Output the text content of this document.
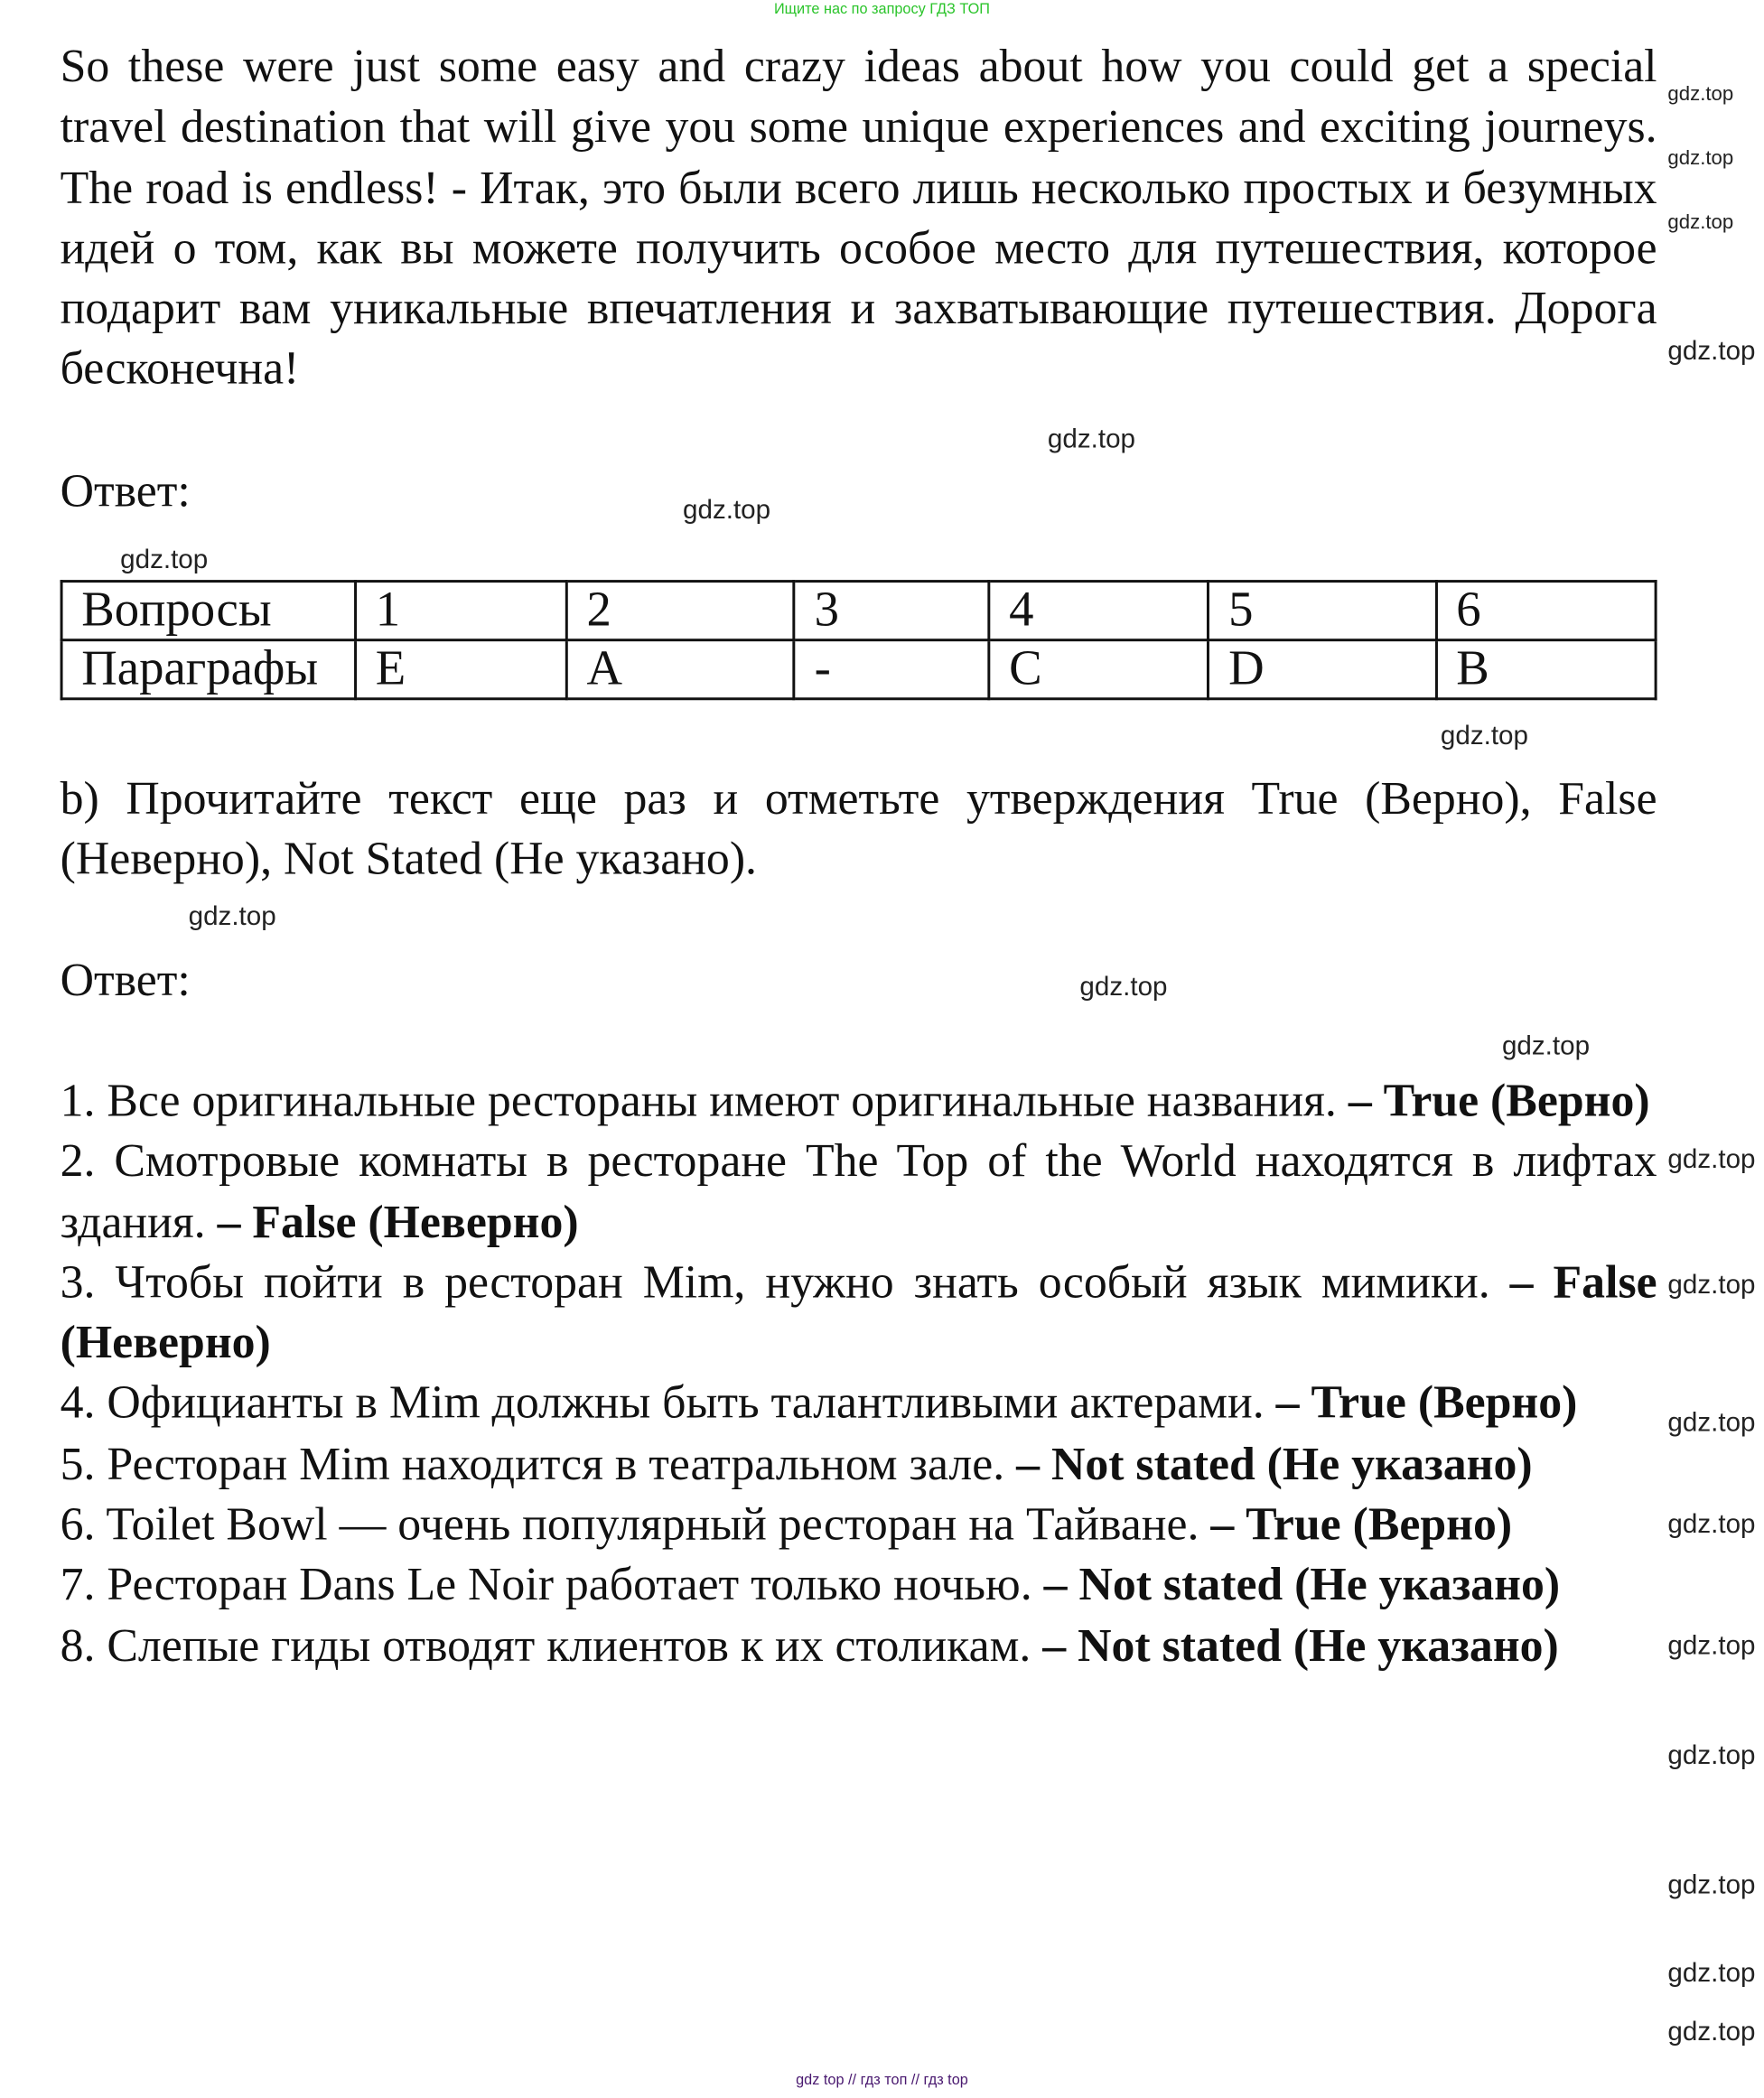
Ищите нас по запросу ГДЗ ТОП

So these were just some easy and crazy ideas about how you could get a special travel destination that will give you some unique experiences and exciting journeys. The road is endless! - Итак, это были всего лишь несколько простых и безумных идей о том, как вы можете получить особое место для путешествия, которое подарит вам уникальные впечатления и захватывающие путешествия. Дорога бесконечна!

Ответ:
Вопросы	1	2	3	4	5	6
Параграфы	E	A	-	C	D	B

b) Прочитайте текст еще раз и отметьте утверждения True (Верно), False (Неверно), Not Stated (Не указано).

Ответ:

1. Все оригинальные рестораны имеют оригинальные названия. – True (Верно)

2. Смотровые комнаты в ресторане The Top of the World находятся в лифтах здания. – False (Неверно)

3. Чтобы пойти в ресторан Mim, нужно знать особый язык мимики. – False (Неверно)

4. Официанты в Mim должны быть талантливыми актерами. – True (Верно)

5. Ресторан Mim находится в театральном зале. – Not stated (Не указано)

6. Toilet Bowl — очень популярный ресторан на Тайване. – True (Верно)

7. Ресторан Dans Le Noir работает только ночью. – Not stated (Не указано)

8. Слепые гиды отводят клиентов к их столикам. – Not stated (Не указано)

gdz.top
gdz.top
gdz.top
gdz.top
gdz.top
gdz.top
gdz.top
gdz.top
gdz.top
gdz.top
gdz.top
gdz.top
gdz.top
gdz.top
gdz.top
gdz.top
gdz.top
gdz.top
gdz.top
gdz.top
gdz top // гдз топ // гдз top
